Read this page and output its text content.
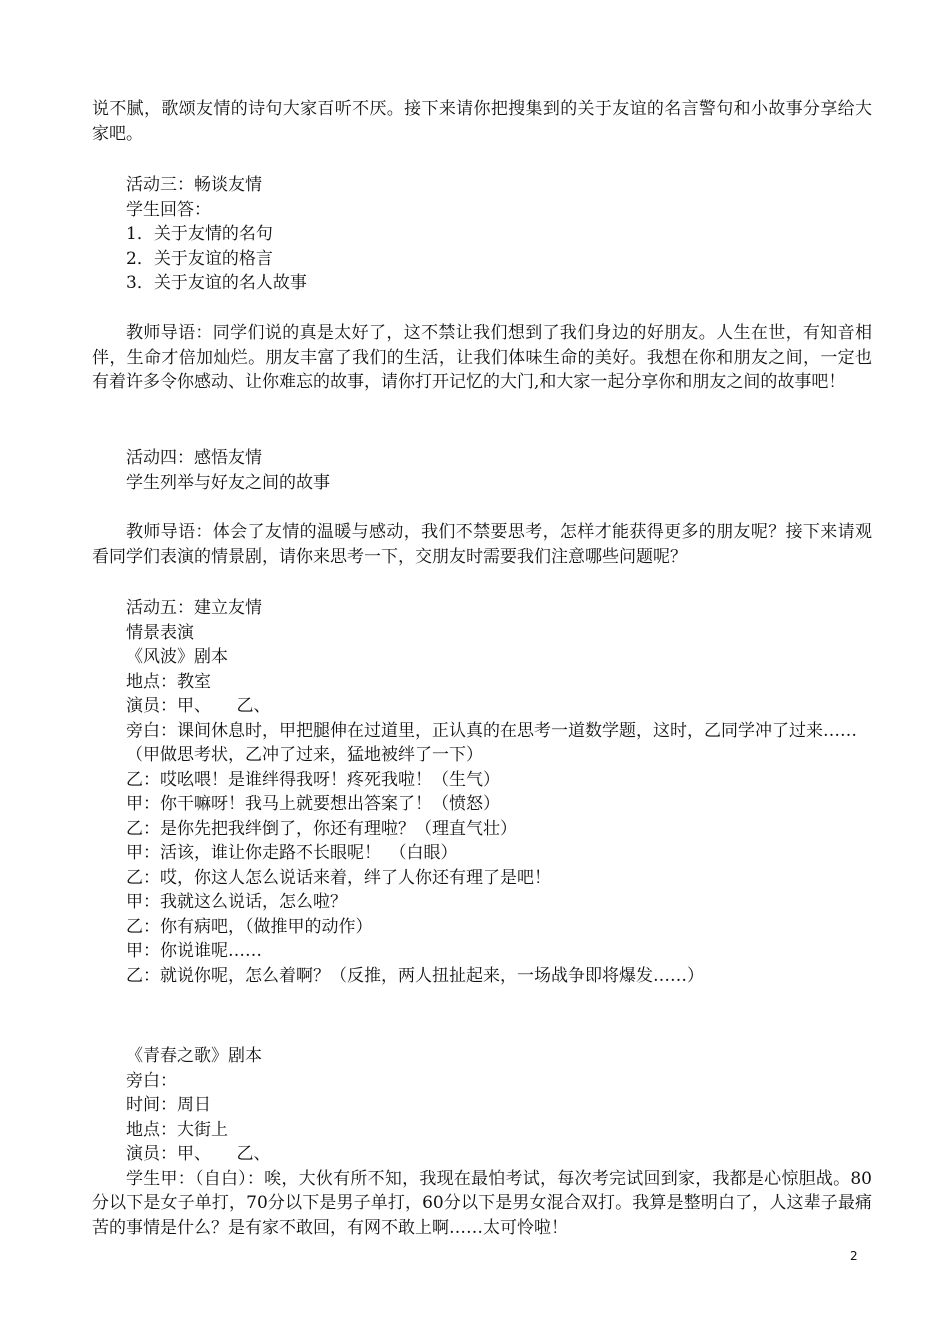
说不腻，歌颂友情的诗句大家百听不厌。接下来请你把搜集到的关于友谊的名言警句和小故事分享给大家吧。

活动三：畅谈友情

学生回答：

1．关于友情的名句

2．关于友谊的格言

3．关于友谊的名人故事

教师导语：同学们说的真是太好了，这不禁让我们想到了我们身边的好朋友。人生在世，有知音相伴，生命才倍加灿烂。朋友丰富了我们的生活，让我们体味生命的美好。我想在你和朋友之间，一定也有着许多令你感动、让你难忘的故事，请你打开记忆的大门,和大家一起分享你和朋友之间的故事吧！

活动四：感悟友情

学生列举与好友之间的故事

教师导语：体会了友情的温暖与感动，我们不禁要思考，怎样才能获得更多的朋友呢？接下来请观看同学们表演的情景剧，请你来思考一下，交朋友时需要我们注意哪些问题呢？

活动五：建立友情

情景表演

《风波》剧本

地点：教室

演员：甲、　　乙、

旁白：课间休息时，甲把腿伸在过道里，正认真的在思考一道数学题，这时，乙同学冲了过来……

（甲做思考状，乙冲了过来，猛地被绊了一下）

乙：哎吆喂！是谁绊得我呀！疼死我啦！（生气）

甲：你干嘛呀！我马上就要想出答案了！（愤怒）

乙：是你先把我绊倒了，你还有理啦？（理直气壮）

甲：活该，谁让你走路不长眼呢！　（白眼）

乙：哎，你这人怎么说话来着，绊了人你还有理了是吧！

甲：我就这么说话，怎么啦？

乙：你有病吧，（做推甲的动作）

甲：你说谁呢……

乙：就说你呢，怎么着啊？（反推，两人扭扯起来，一场战争即将爆发……）

《青春之歌》剧本

旁白：

时间：周日

地点：大街上

演员：甲、　　乙、

学生甲：（自白）：唉，大伙有所不知，我现在最怕考试，每次考完试回到家，我都是心惊胆战。80分以下是女子单打，70分以下是男子单打，60分以下是男女混合双打。我算是整明白了，人这辈子最痛苦的事情是什么？是有家不敢回，有网不敢上啊……太可怜啦！

2
